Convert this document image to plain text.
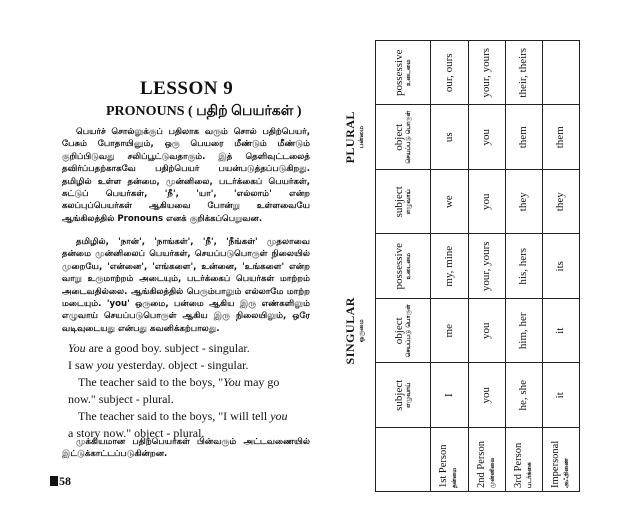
LESSON 9
PRONOUNS ( பதிற் பெயர்கள் )
பெயர்ச் சொல்லுக்குப் பதிலாக வரும் சொல் பதிற்பெயர், பேசும் போதாயினும், ஒரு பெயரை மீண்டும் மீண்டும் குறிப்பிடுவது சலிப்பூட்டுவதாகும். இத் தெளிவுட்டலைத் தவிர்ப்பதற்காகவே பதிற்பெயர் பயன்படுத்தப்படுகிறது. தமிழில் உள்ள தன்மை, முன்னிலை, படர்க்கைப் பெயர்கள், சுட்டுப் பெயர்கள், 'நீ', 'யா', 'எல்லாம்' என்ற கலப்புப்பெயர்கள் ஆகியவை போன்று உள்ளவையே ஆங்கிலத்தில் Pronouns எனக் குறிக்கப்பெறுவன.
தமிழில், 'நான்', 'நாங்கள்', 'நீ', 'நீங்கள்' முதலாவை தன்மை முன்னிலைப் பெயர்கள், செயப்படுபொருள் நிலையில் முறையே, 'என்னை', 'எங்களை', உன்னை, 'உங்களை' என்ற வாறு உருமாற்றம் அடையும், படர்க்கைப் பெயர்கள் மாற்றம் அடைவதில்லை. ஆங்கிலத்தில் பெரும்பாலும் எல்லாமே மாற்ற மடையும். 'you' ஒருமை, பன்மை ஆகிய இரு எண்களிலும் எழுவாய் செயப்படுபொருள் ஆகிய இரு நிலையிலும், ஒரே வடிவுடையது என்பது கவனிக்கற்பாலது.

You are a good boy. subject - singular.

I saw you yesterday. object - singular.

The teacher said to the boys, "You may go

now." subject - plural.

The teacher said to the boys, "I will tell you

a story now." object - plural.

முக்கியமான பதிற்பெயர்கள் பின்வரும் அட்டவணையில் இட்டுக்காட்டப்படுகின்றன.
58
	SINGULAR ஒருமை			PLURAL பன்மை		

	subject எழுவாய்	object செயப்படு பொருள்	possessive உடைமை	subject எழுவாய்	object செயப்படு பொருள்	possessive உடைமை

1st Person தன்மை	I	me	my, mine	we	us	our, ours
2nd Person முன்னிலை	you	you	your, yours	you	you	your, yours
3rd Person படர்க்கை	he, she	him, her	his, hers	they	them	their, theirs
Impersonal அஃறிணை	it	it	its	they	them	
